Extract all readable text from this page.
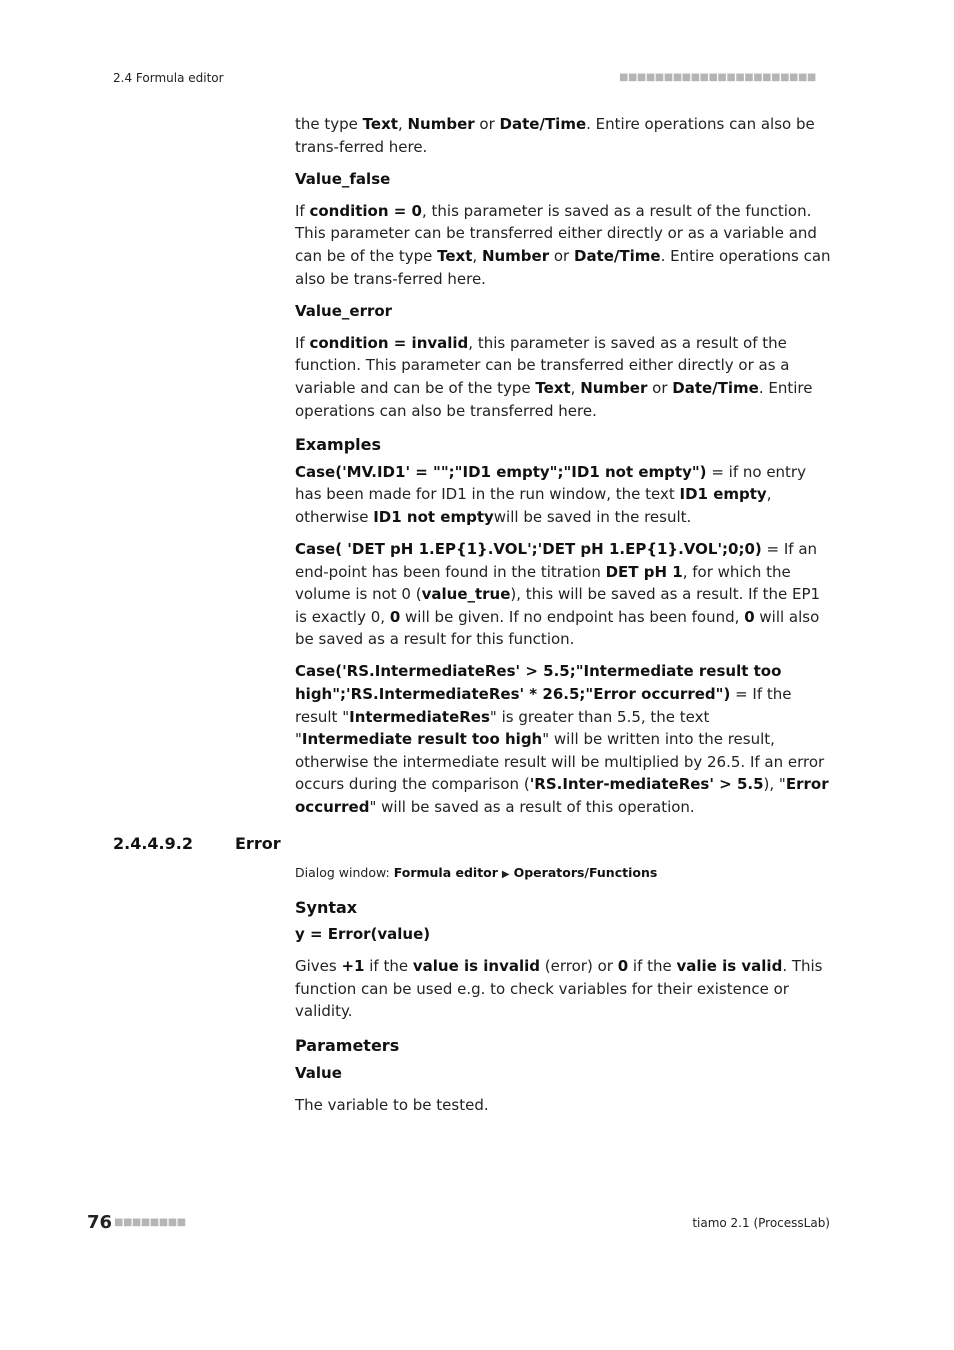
2.4 Formula editor	■■■■■■■■■■■■■■■■■■■■■■

the type Text, Number or Date/Time. Entire operations can also be trans-ferred here.

Value_false

If condition = 0, this parameter is saved as a result of the function. This parameter can be transferred either directly or as a variable and can be of the type Text, Number or Date/Time. Entire operations can also be trans-ferred here.

Value_error

If condition = invalid, this parameter is saved as a result of the function. This parameter can be transferred either directly or as a variable and can be of the type Text, Number or Date/Time. Entire operations can also be transferred here.

Examples

Case('MV.ID1' = "";"ID1 empty";"ID1 not empty") = if no entry has been made for ID1 in the run window, the text ID1 empty, otherwise ID1 not emptywill be saved in the result.

Case( 'DET pH 1.EP{1}.VOL';'DET pH 1.EP{1}.VOL';0;0) = If an end-point has been found in the titration DET pH 1, for which the volume is not 0 (value_true), this will be saved as a result. If the EP1 is exactly 0, 0 will be given. If no endpoint has been found, 0 will also be saved as a result for this function.

Case('RS.IntermediateRes' > 5.5;"Intermediate result too high";'RS.IntermediateRes' * 26.5;"Error occurred") = If the result "IntermediateRes" is greater than 5.5, the text "Intermediate result too high" will be written into the result, otherwise the intermediate result will be multiplied by 26.5. If an error occurs during the comparison ('RS.Inter-mediateRes' > 5.5), "Error occurred" will be saved as a result of this operation.

2.4.4.9.2	Error
Dialog window: Formula editor ▶ Operators/Functions
Syntax
y = Error(value)

Gives +1 if the value is invalid (error) or 0 if the valie is valid. This function can be used e.g. to check variables for their existence or validity.

Parameters
Value

The variable to be tested.

76 ■■■■■■■■	tiamo 2.1 (ProcessLab)
